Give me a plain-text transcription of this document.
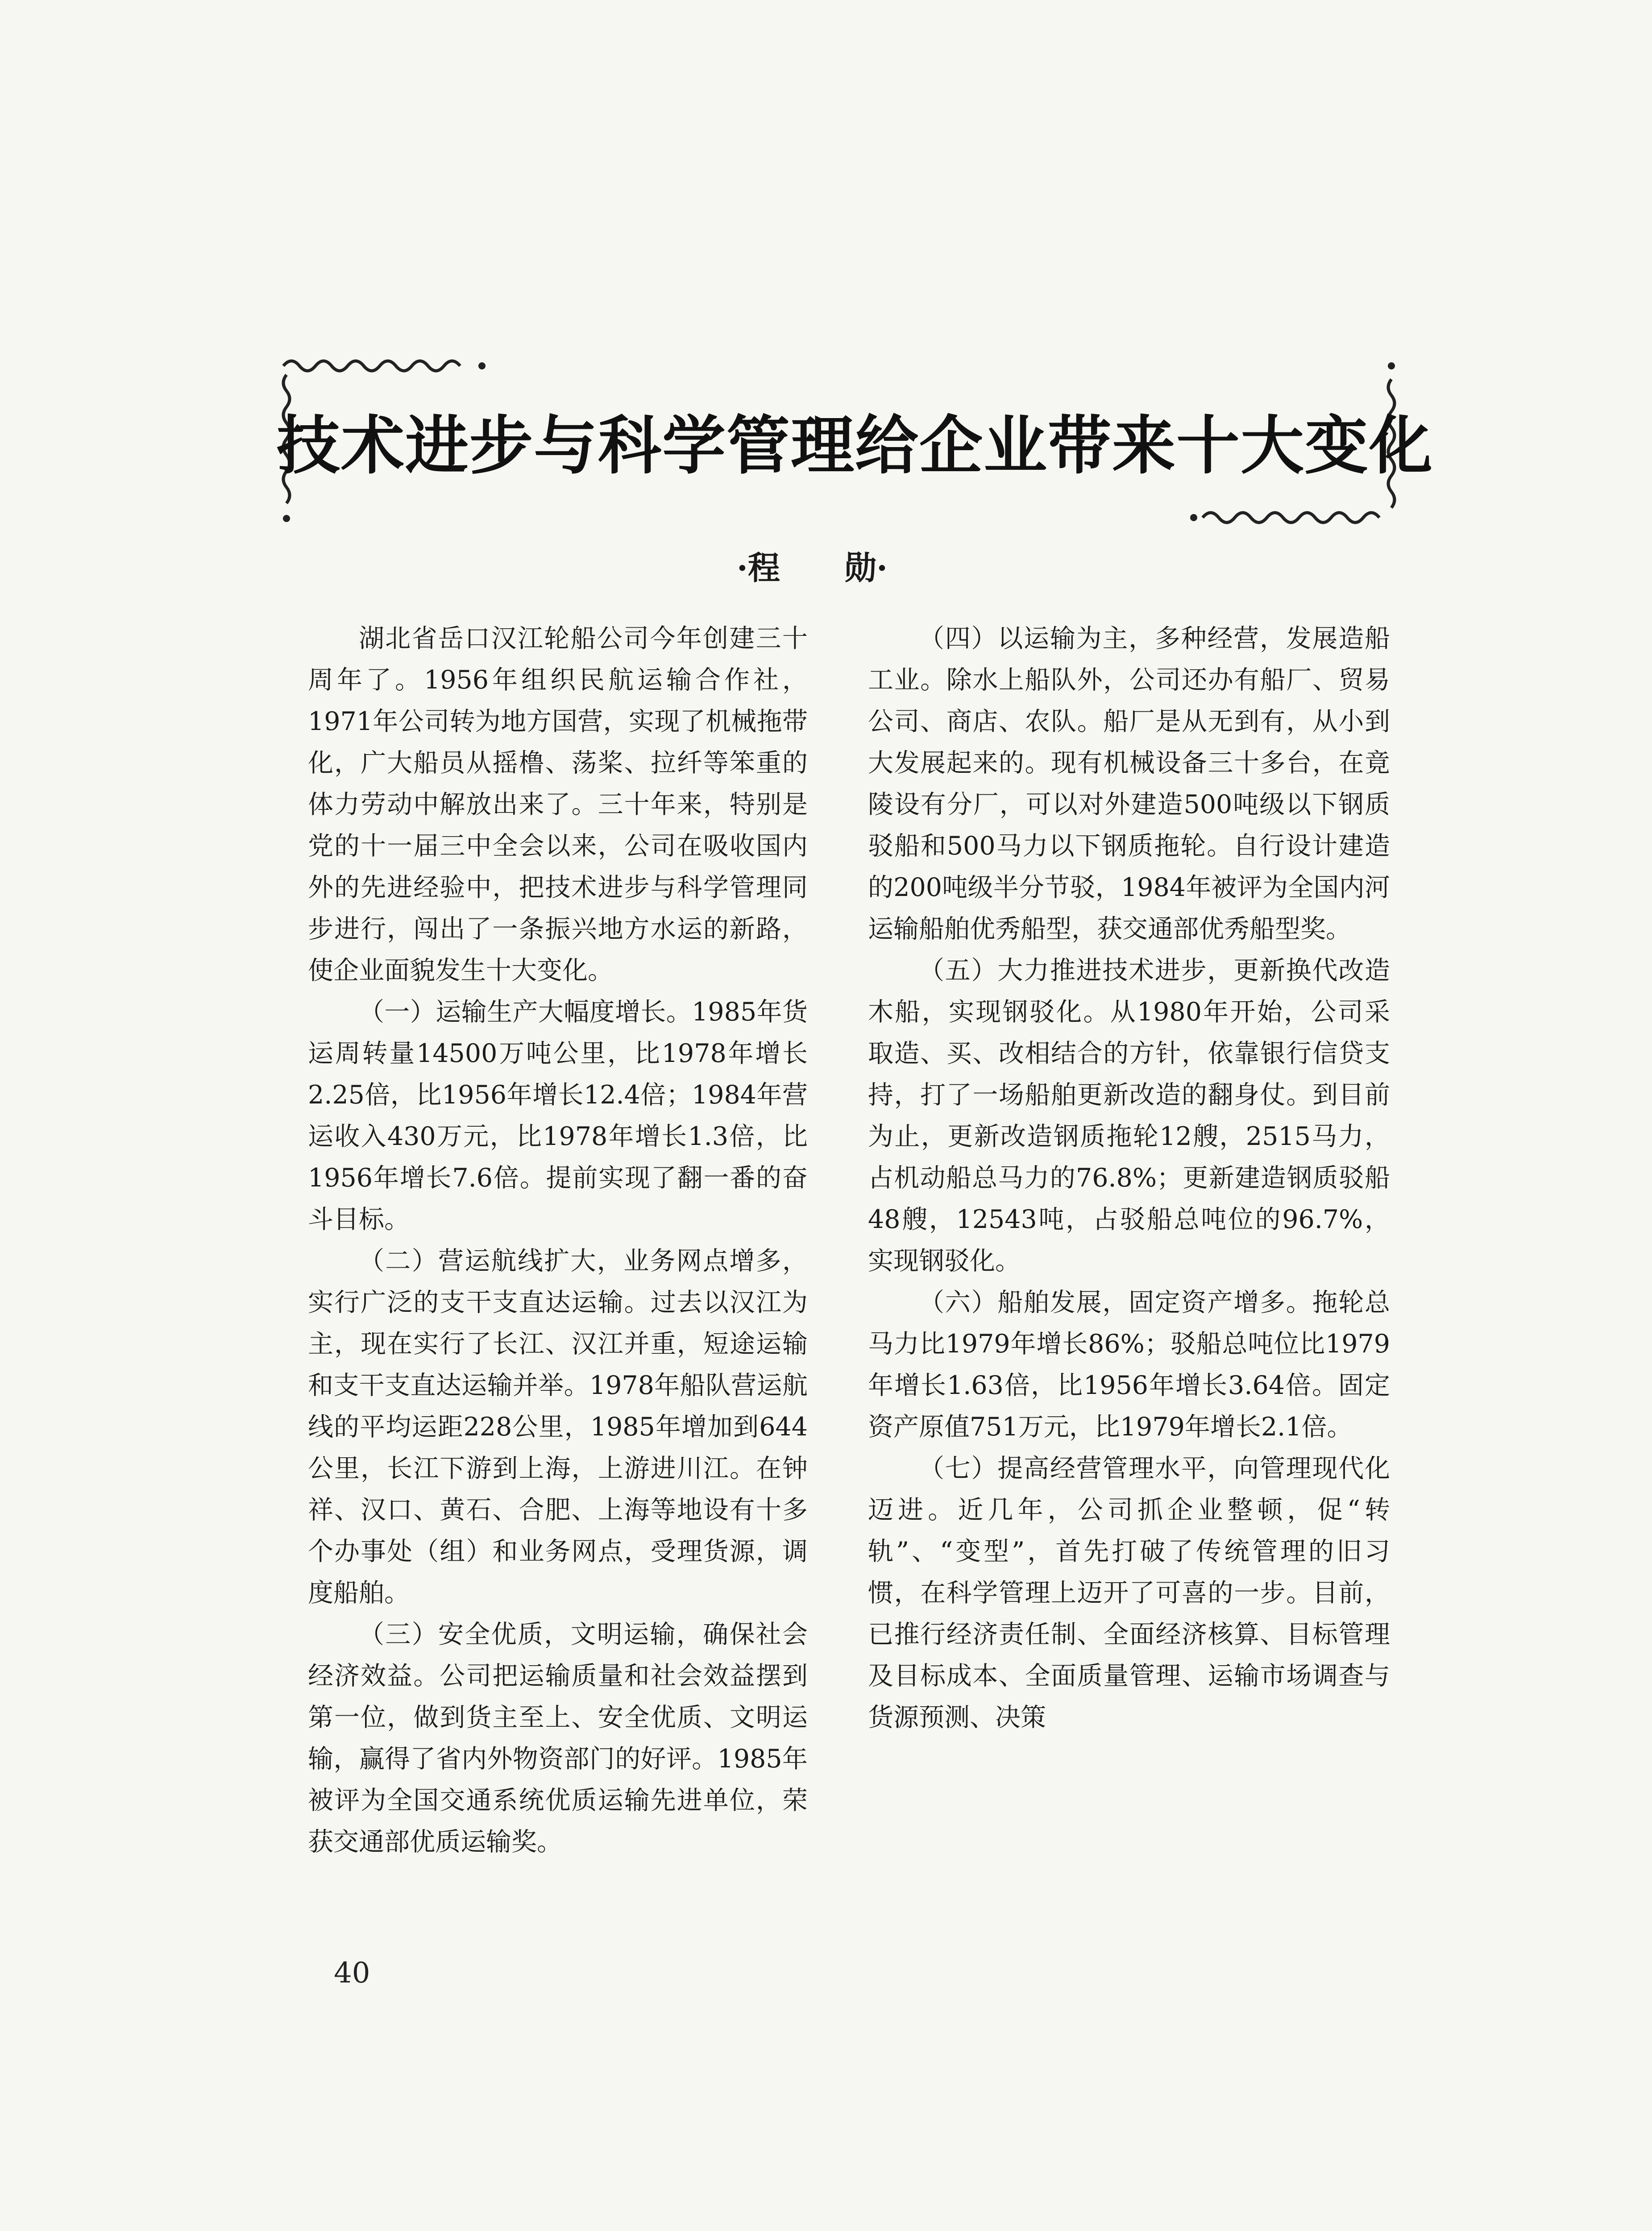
技术进步与科学管理给企业带来十大变化
·程　　勋·

湖北省岳口汉江轮船公司今年创建三十周年了。1956年组织民航运输合作社，1971年公司转为地方国营，实现了机械拖带化，广大船员从摇橹、荡桨、拉纤等笨重的体力劳动中解放出来了。三十年来，特别是党的十一届三中全会以来，公司在吸收国内外的先进经验中，把技术进步与科学管理同步进行，闯出了一条振兴地方水运的新路，使企业面貌发生十大变化。

（一）运输生产大幅度增长。1985年货运周转量14500万吨公里，比1978年增长2.25倍，比1956年增长12.4倍；1984年营运收入430万元，比1978年增长1.3倍，比1956年增长7.6倍。提前实现了翻一番的奋斗目标。

（二）营运航线扩大，业务网点增多，实行广泛的支干支直达运输。过去以汉江为主，现在实行了长江、汉江并重，短途运输和支干支直达运输并举。1978年船队营运航线的平均运距228公里，1985年增加到644公里，长江下游到上海，上游进川江。在钟祥、汉口、黄石、合肥、上海等地设有十多个办事处（组）和业务网点，受理货源，调度船舶。

（三）安全优质，文明运输，确保社会经济效益。公司把运输质量和社会效益摆到第一位，做到货主至上、安全优质、文明运输，赢得了省内外物资部门的好评。1985年被评为全国交通系统优质运输先进单位，荣获交通部优质运输奖。

（四）以运输为主，多种经营，发展造船工业。除水上船队外，公司还办有船厂、贸易公司、商店、农队。船厂是从无到有，从小到大发展起来的。现有机械设备三十多台，在竟陵设有分厂，可以对外建造500吨级以下钢质驳船和500马力以下钢质拖轮。自行设计建造的200吨级半分节驳，1984年被评为全国内河运输船舶优秀船型，获交通部优秀船型奖。

（五）大力推进技术进步，更新换代改造木船，实现钢驳化。从1980年开始，公司采取造、买、改相结合的方针，依靠银行信贷支持，打了一场船舶更新改造的翻身仗。到目前为止，更新改造钢质拖轮12艘，2515马力，占机动船总马力的76.8%；更新建造钢质驳船48艘，12543吨，占驳船总吨位的96.7%，实现钢驳化。

（六）船舶发展，固定资产增多。拖轮总马力比1979年增长86%；驳船总吨位比1979年增长1.63倍，比1956年增长3.64倍。固定资产原值751万元，比1979年增长2.1倍。

（七）提高经营管理水平，向管理现代化迈进。近几年，公司抓企业整顿，促“转轨”、“变型”，首先打破了传统管理的旧习惯，在科学管理上迈开了可喜的一步。目前，已推行经济责任制、全面经济核算、目标管理及目标成本、全面质量管理、运输市场调查与货源预测、决策

40
